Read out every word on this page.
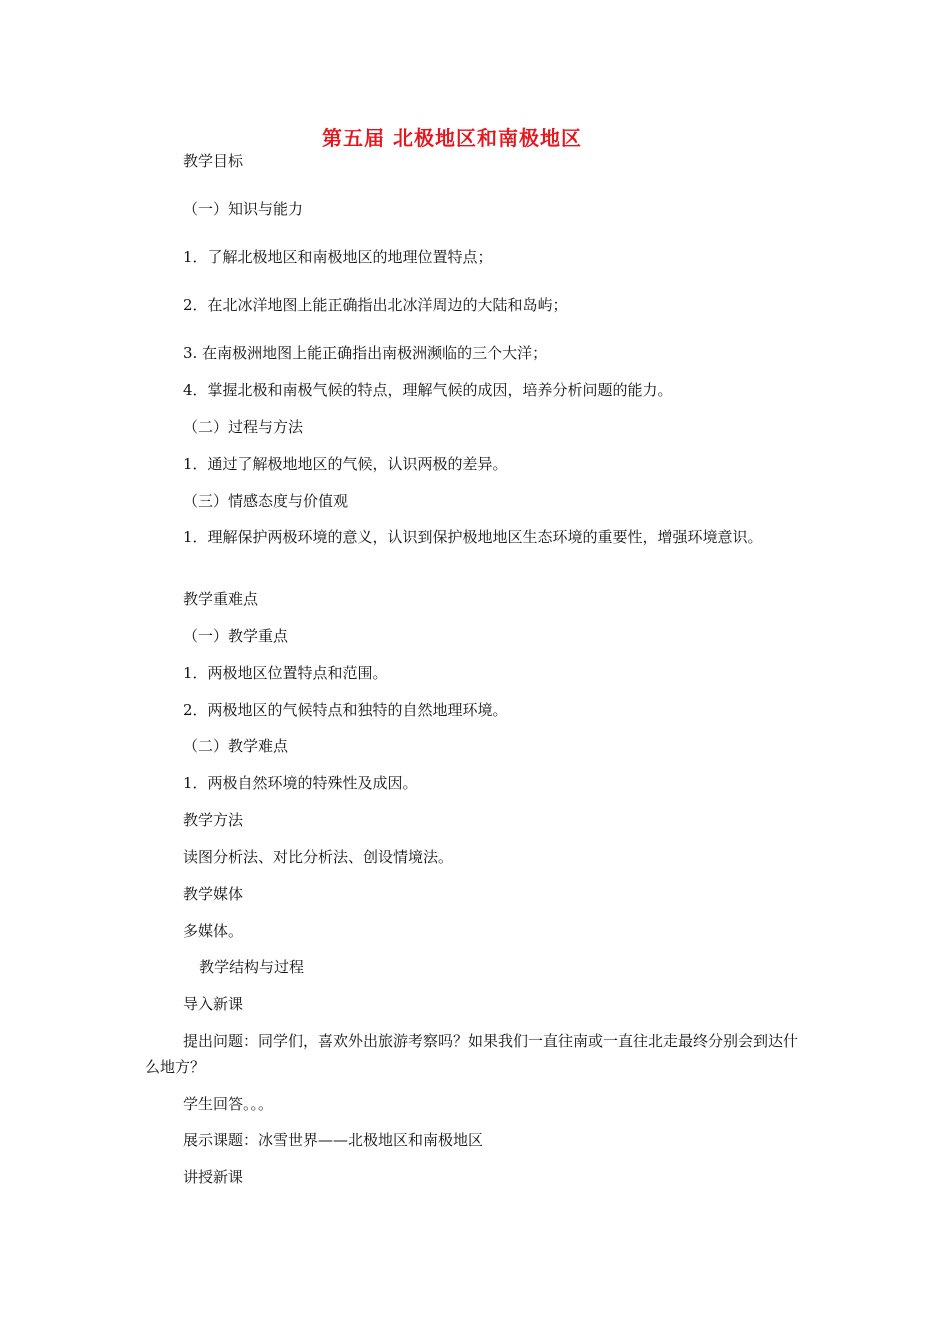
第五届 北极地区和南极地区
教学目标
（一）知识与能力
1．了解北极地区和南极地区的地理位置特点；
2．在北冰洋地图上能正确指出北冰洋周边的大陆和岛屿；
3. 在南极洲地图上能正确指出南极洲濒临的三个大洋；
4．掌握北极和南极气候的特点，理解气候的成因，培养分析问题的能力。
（二）过程与方法
1．通过了解极地地区的气候，认识两极的差异。
（三）情感态度与价值观
1．理解保护两极环境的意义，认识到保护极地地区生态环境的重要性，增强环境意识。
教学重难点
（一）教学重点
1．两极地区位置特点和范围。
2．两极地区的气候特点和独特的自然地理环境。
（二）教学难点
1．两极自然环境的特殊性及成因。
教学方法
读图分析法、对比分析法、创设情境法。
教学媒体
多媒体。
教学结构与过程
导入新课
提出问题：同学们，喜欢外出旅游考察吗？如果我们一直往南或一直往北走最终分别会到达什么地方？
学生回答。。。
展示课题：冰雪世界——北极地区和南极地区
讲授新课
